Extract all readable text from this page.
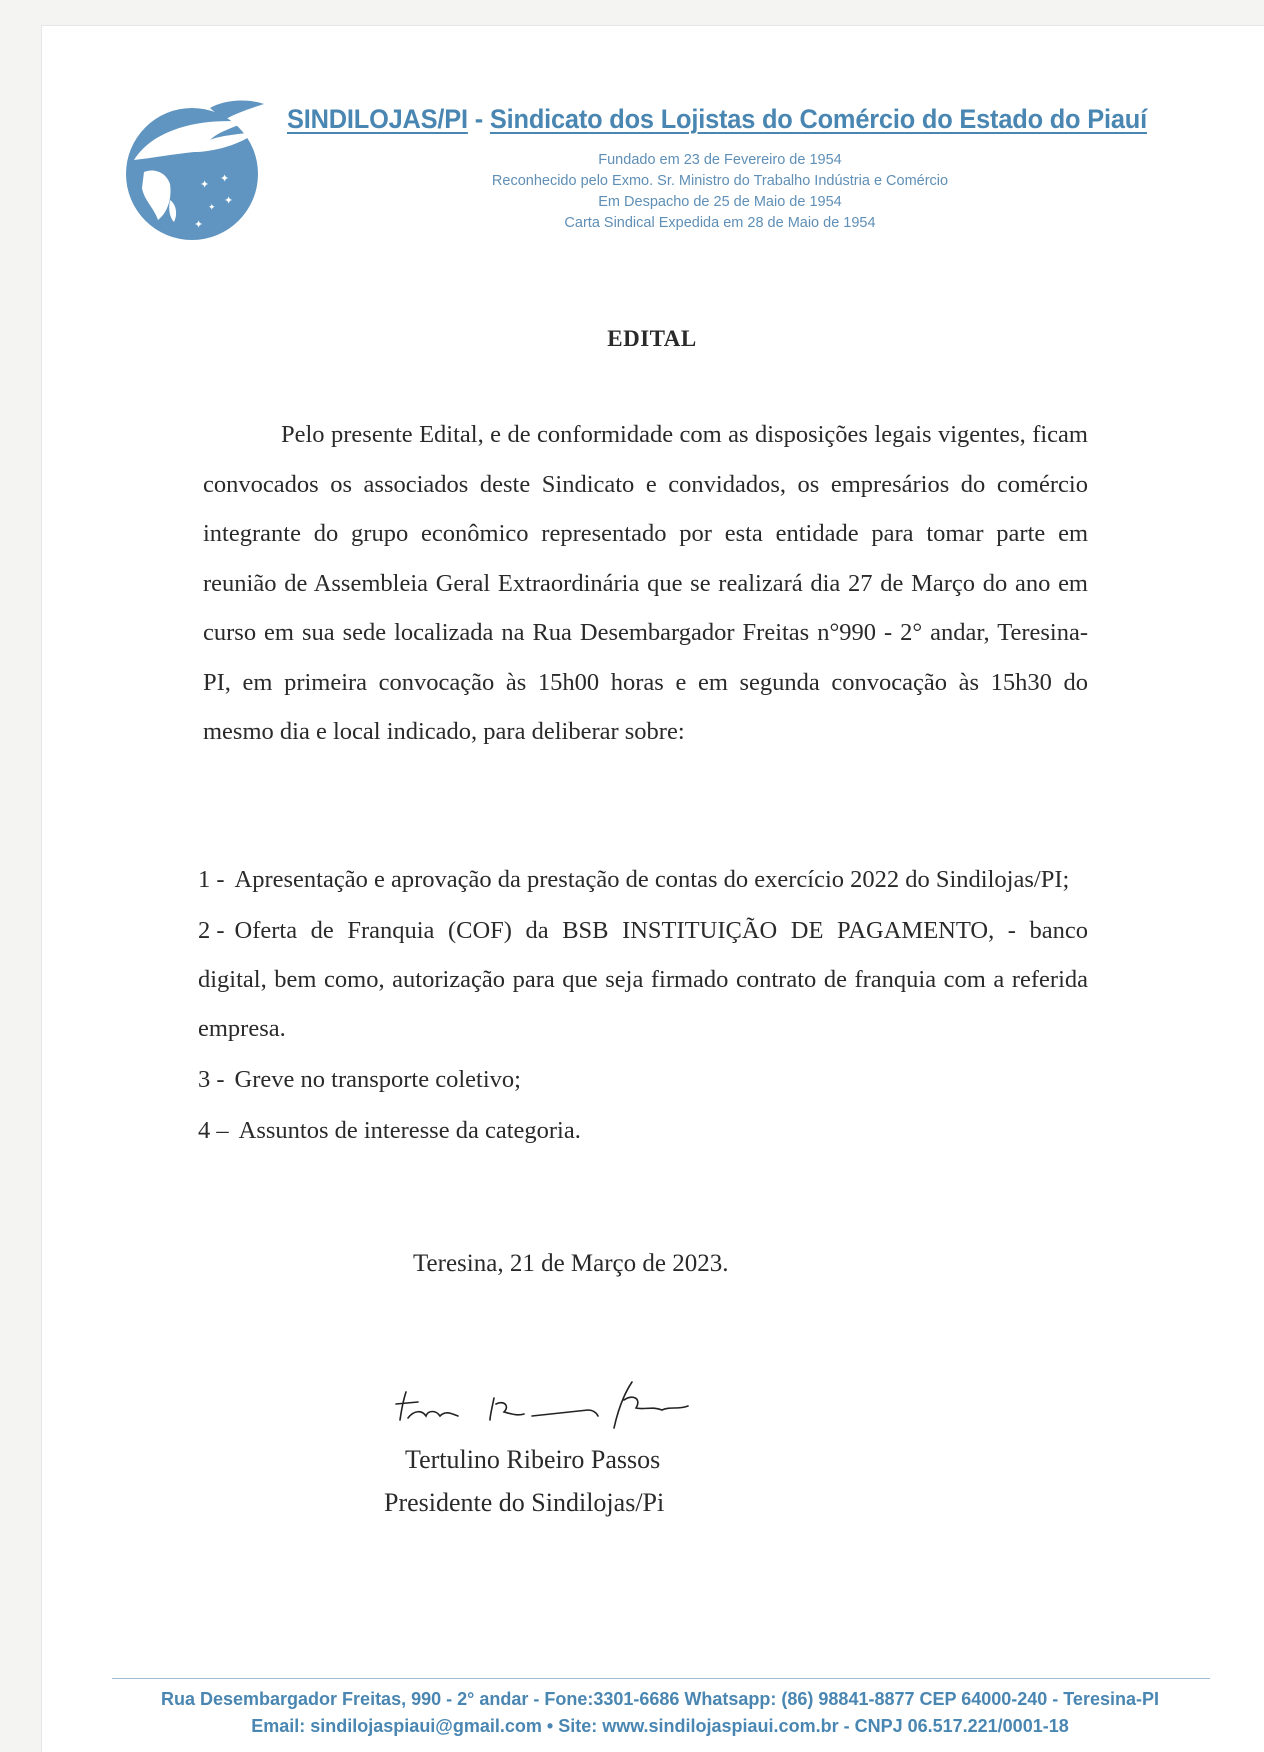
✦ ✦
✦
✦
✦
SINDILOJAS/PI - Sindicato dos Lojistas do Comércio do Estado do Piauí
Fundado em 23 de Fevereiro de 1954
Reconhecido pelo Exmo. Sr. Ministro do Trabalho Indústria e Comércio
Em Despacho de 25 de Maio de 1954
Carta Sindical Expedida em 28 de Maio de 1954
EDITAL
Pelo presente Edital, e de conformidade com as disposições legais vigentes, ficam convocados os associados deste Sindicato e convidados, os empresários do comércio integrante do grupo econômico representado por esta entidade para tomar parte em reunião de Assembleia Geral Extraordinária que se realizará dia 27 de Março do ano em curso em sua sede localizada na Rua Desembargador Freitas n°990 - 2° andar, Teresina-PI, em primeira convocação às 15h00 horas e em segunda convocação às 15h30 do mesmo dia e local indicado, para deliberar sobre:
1 - Apresentação e aprovação da prestação de contas do exercício 2022 do Sindilojas/PI;
2 - Oferta de Franquia (COF) da BSB INSTITUIÇÃO DE PAGAMENTO, - banco digital, bem como, autorização para que seja firmado contrato de franquia com a referida empresa.
3 - Greve no transporte coletivo;
4 – Assuntos de interesse da categoria.
Teresina, 21 de Março de 2023.
Tertulino Ribeiro Passos
Presidente do Sindilojas/Pi
Rua Desembargador Freitas, 990 - 2° andar - Fone:3301-6686 Whatsapp: (86) 98841-8877 CEP 64000-240 - Teresina-PI
Email: sindilojaspiaui@gmail.com • Site: www.sindilojaspiaui.com.br - CNPJ 06.517.221/0001-18
